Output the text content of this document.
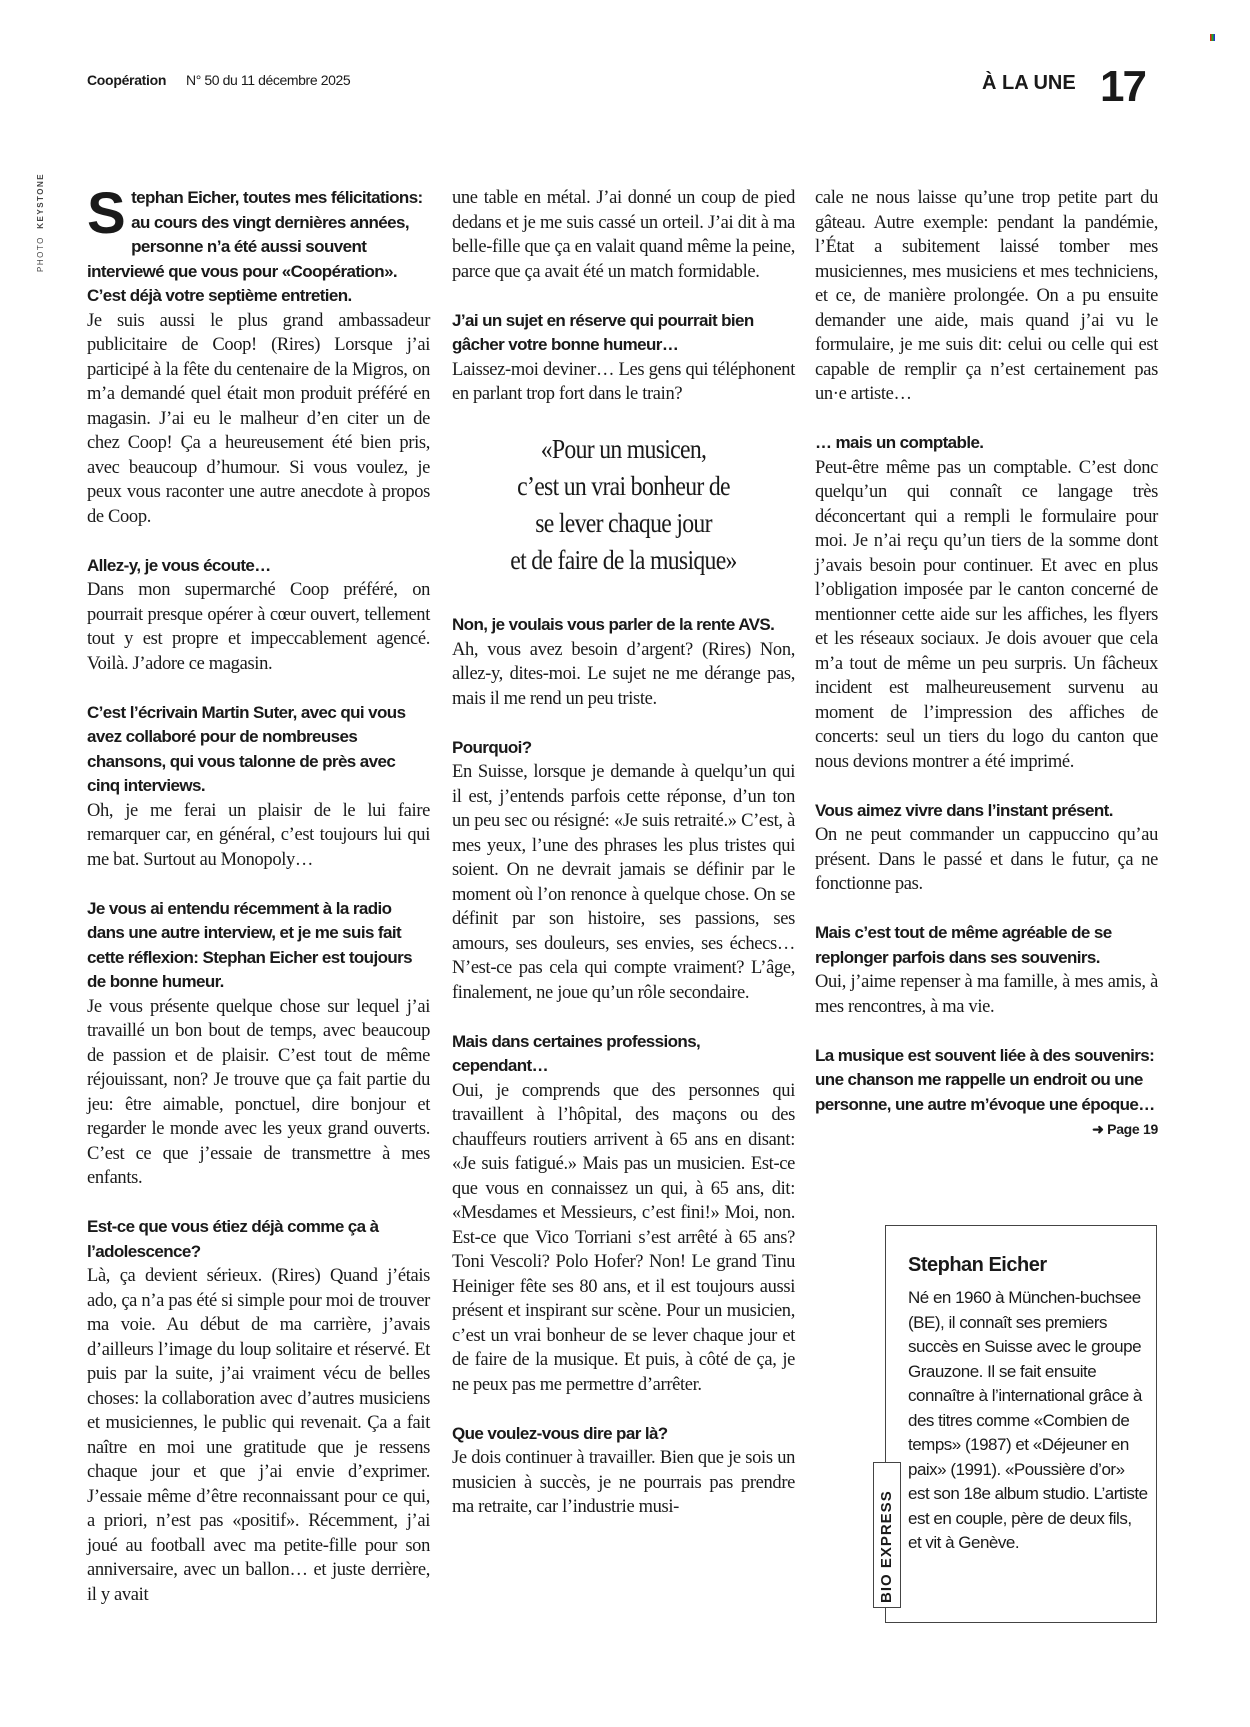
Coopération N° 50 du 11 décembre 2025	À LA UNE 17
PHOTO  KEYSTONE Stephan Eicher, toutes mes félicitations: au cours des vingt dernières années, personne n’a été aussi souvent interviewé que vous pour «Coopération». C’est déjà votre septième entretien.

Je suis aussi le plus grand ambassadeur publicitaire de Coop! (Rires) Lorsque j’ai participé à la fête du centenaire de la Migros, on m’a demandé quel était mon produit préféré en magasin. J’ai eu le malheur d’en citer un de chez Coop! Ça a heureusement été bien pris, avec beaucoup d’humour. Si vous voulez, je peux vous raconter une autre anecdote à propos de Coop.

Allez-y, je vous écoute…

Dans mon supermarché Coop préféré, on pourrait presque opérer à cœur ouvert, tellement tout y est propre et impeccablement agencé. Voilà. J’adore ce magasin.

C’est l’écrivain Martin Suter, avec qui vous avez collaboré pour de nombreuses chansons, qui vous talonne de près avec cinq interviews.

Oh, je me ferai un plaisir de le lui faire remarquer car, en général, c’est toujours lui qui me bat. Surtout au Monopoly…

Je vous ai entendu récemment à la radio dans une autre interview, et je me suis fait cette réflexion: Stephan Eicher est toujours de bonne humeur.

Je vous présente quelque chose sur lequel j’ai travaillé un bon bout de temps, avec beaucoup de passion et de plaisir. C’est tout de même réjouissant, non? Je trouve que ça fait partie du jeu: être aimable, ponctuel, dire bonjour et regarder le monde avec les yeux grand ouverts. C’est ce que j’essaie de transmettre à mes enfants.

Est-ce que vous étiez déjà comme ça à l’adolescence?

Là, ça devient sérieux. (Rires) Quand j’étais ado, ça n’a pas été si simple pour moi de trouver ma voie. Au début de ma carrière, j’avais d’ailleurs l’image du loup solitaire et réservé. Et puis par la suite, j’ai vraiment vécu de belles choses: la collaboration avec d’autres musiciens et musiciennes, le public qui revenait. Ça a fait naître en moi une gratitude que je ressens chaque jour et que j’ai envie d’exprimer. J’essaie même d’être reconnaissant pour ce qui, a priori, n’est pas «positif». Récemment, j’ai joué au football avec ma petite-fille pour son anniversaire, avec un ballon… et juste derrière, il y avait

une table en métal. J’ai donné un coup de pied dedans et je me suis cassé un orteil. J’ai dit à ma belle-fille que ça en valait quand même la peine, parce que ça avait été un match formidable.

J’ai un sujet en réserve qui pourrait bien gâcher votre bonne humeur…

Laissez-moi deviner… Les gens qui téléphonent en parlant trop fort dans le train?

«Pour un musicen,
c’est un vrai bonheur de
se lever chaque jour
et de faire de la musique»

Non, je voulais vous parler de la rente AVS.

Ah, vous avez besoin d’argent? (Rires) Non, allez-y, dites-moi. Le sujet ne me dérange pas, mais il me rend un peu triste.

Pourquoi?

En Suisse, lorsque je demande à quelqu’un qui il est, j’entends parfois cette réponse, d’un ton un peu sec ou résigné: «Je suis retraité.» C’est, à mes yeux, l’une des phrases les plus tristes qui soient. On ne devrait jamais se définir par le moment où l’on renonce à quelque chose. On se définit par son histoire, ses passions, ses amours, ses douleurs, ses envies, ses échecs… N’est-ce pas cela qui compte vraiment? L’âge, finalement, ne joue qu’un rôle secondaire.

Mais dans certaines professions, cependant…

Oui, je comprends que des personnes qui travaillent à l’hôpital, des maçons ou des chauffeurs routiers arrivent à 65 ans en disant: «Je suis fatigué.» Mais pas un musicien. Est-ce que vous en connaissez un qui, à 65 ans, dit: «Mesdames et Messieurs, c’est fini!» Moi, non. Est-ce que Vico Torriani s’est arrêté à 65 ans? Toni Vescoli? Polo Hofer? Non! Le grand Tinu Heiniger fête ses 80 ans, et il est toujours aussi présent et inspirant sur scène. Pour un musicien, c’est un vrai bonheur de se lever chaque jour et de faire de la musique. Et puis, à côté de ça, je ne peux pas me permettre d’arrêter.

Que voulez-vous dire par là?

Je dois continuer à travailler. Bien que je sois un musicien à succès, je ne pourrais pas prendre ma retraite, car l’industrie musi-

cale ne nous laisse qu’une trop petite part du gâteau. Autre exemple: pendant la pandémie, l’État a subitement laissé tomber mes musiciennes, mes musiciens et mes techniciens, et ce, de manière prolongée. On a pu ensuite demander une aide, mais quand j’ai vu le formulaire, je me suis dit: celui ou celle qui est capable de remplir ça n’est certainement pas un·e artiste…

… mais un comptable.

Peut-être même pas un comptable. C’est donc quelqu’un qui connaît ce langage très déconcertant qui a rempli le formulaire pour moi. Je n’ai reçu qu’un tiers de la somme dont j’avais besoin pour continuer. Et avec en plus l’obligation imposée par le canton concerné de mentionner cette aide sur les affiches, les flyers et les réseaux sociaux. Je dois avouer que cela m’a tout de même un peu surpris. Un fâcheux incident est malheureusement survenu au moment de l’impression des affiches de concerts: seul un tiers du logo du canton que nous devions montrer a été imprimé.

Vous aimez vivre dans l’instant présent.

On ne peut commander un cappuccino qu’au présent. Dans le passé et dans le futur, ça ne fonctionne pas.

Mais c’est tout de même agréable de se replonger parfois dans ses souvenirs.

Oui, j’aime repenser à ma famille, à mes amis, à mes rencontres, à ma vie.

La musique est souvent liée à des souvenirs: une chanson me rappelle un endroit ou une personne, une autre m’évoque une époque…
➜ Page 19

BIO EXPRESS
Stephan Eicher
Né en 1960 à München-buchsee (BE), il connaît ses premiers succès en Suisse avec le groupe Grauzone. Il se fait ensuite connaître à l’international grâce à des titres comme «Combien de temps» (1987) et «Déjeuner en paix» (1991). «Poussière d’or» est son 18e album studio. L’artiste est en couple, père de deux fils, et vit à Genève.
